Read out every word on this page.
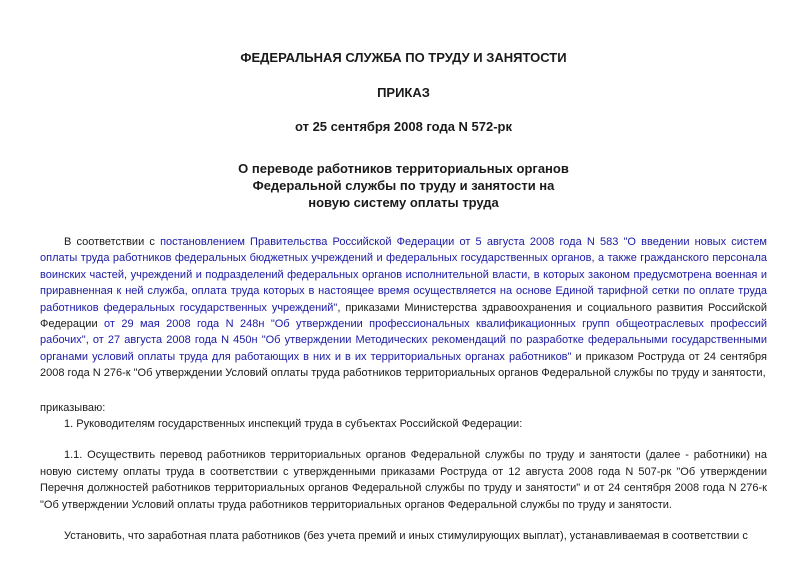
ФЕДЕРАЛЬНАЯ СЛУЖБА ПО ТРУДУ И ЗАНЯТОСТИ

ПРИКАЗ

от 25 сентября 2008 года N 572-рк

О переводе работников территориальных органов
Федеральной службы по труду и занятости на
новую систему оплаты труда

В соответствии с постановлением Правительства Российской Федерации от 5 августа 2008 года N 583 "О введении новых систем оплаты труда работников федеральных бюджетных учреждений и федеральных государственных органов, а также гражданского персонала воинских частей, учреждений и подразделений федеральных органов исполнительной власти, в которых законом предусмотрена военная и приравненная к ней служба, оплата труда которых в настоящее время осуществляется на основе Единой тарифной сетки по оплате труда работников федеральных государственных учреждений", приказами Министерства здравоохранения и социального развития Российской Федерации от 29 мая 2008 года N 248н "Об утверждении профессиональных квалификационных групп общеотраслевых профессий рабочих", от 27 августа 2008 года N 450н "Об утверждении Методических рекомендаций по разработке федеральными государственными органами условий оплаты труда для работающих в них и в их территориальных органах работников" и приказом Роструда от 24 сентября 2008 года N 276-к "Об утверждении Условий оплаты труда работников территориальных органов Федеральной службы по труду и занятости,

приказываю:

1. Руководителям государственных инспекций труда в субъектах Российской Федерации:

1.1. Осуществить перевод работников территориальных органов Федеральной службы по труду и занятости (далее - работники) на новую систему оплаты труда в соответствии с утвержденными приказами Роструда от 12 августа 2008 года N 507-рк "Об утверждении Перечня должностей работников территориальных органов Федеральной службы по труду и занятости" и от 24 сентября 2008 года N 276-к "Об утверждении Условий оплаты труда работников территориальных органов Федеральной службы по труду и занятости.

Установить, что заработная плата работников (без учета премий и иных стимулирующих выплат), устанавливаемая в соответствии с
